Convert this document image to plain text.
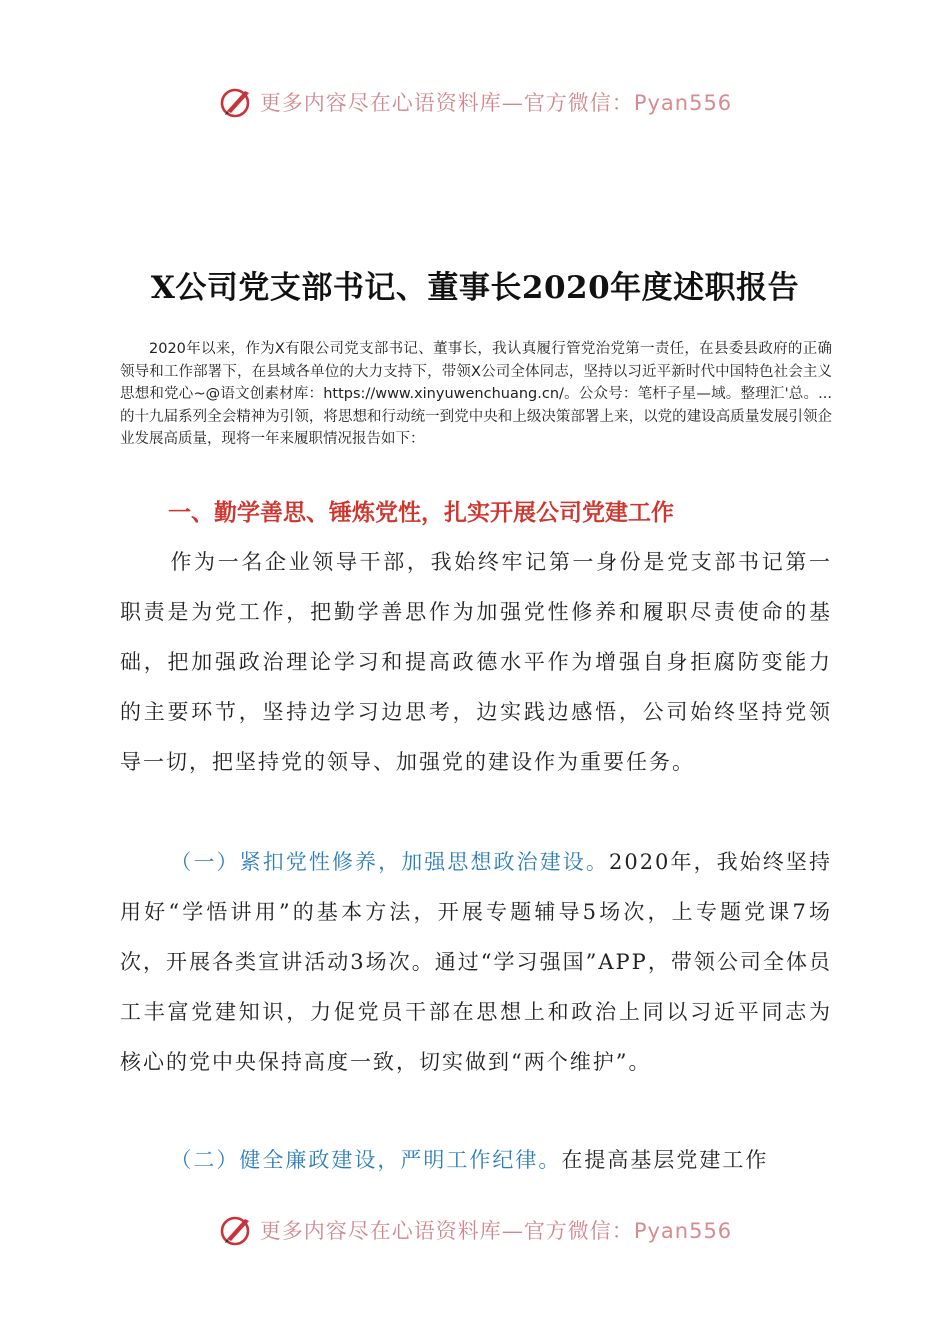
更多内容尽在心语资料库—官方微信：Pyan556
X公司党支部书记、董事长2020年度述职报告
2020年以来，作为X有限公司党支部书记、董事长，我认真履行管党治党第一责任，在县委县政府的正确领导和工作部署下，在县域各单位的大力支持下，带领X公司全体同志，坚持以习近平新时代中国特色社会主义思想和党心~@语文创素材库：https://www.xinyuwenchuang.cn/。公众号：笔杆子星—域。整理汇'总。...的十九届系列全会精神为引领，将思想和行动统一到党中央和上级决策部署上来，以党的建设高质量发展引领企业发展高质量，现将一年来履职情况报告如下：
一、勤学善思、锤炼党性，扎实开展公司党建工作
作为一名企业领导干部，我始终牢记第一身份是党支部书记第一职责是为党工作，把勤学善思作为加强党性修养和履职尽责使命的基础，把加强政治理论学习和提高政德水平作为增强自身拒腐防变能力的主要环节，坚持边学习边思考，边实践边感悟，公司始终坚持党领导一切，把坚持党的领导、加强党的建设作为重要任务。
（一）紧扣党性修养，加强思想政治建设。2020年，我始终坚持用好“学悟讲用”的基本方法，开展专题辅导5场次，上专题党课7场次，开展各类宣讲活动3场次。通过“学习强国”APP，带领公司全体员工丰富党建知识，力促党员干部在思想上和政治上同以习近平同志为核心的党中央保持高度一致，切实做到“两个维护”。
（二）健全廉政建设，严明工作纪律。在提高基层党建工作
更多内容尽在心语资料库—官方微信：Pyan556
